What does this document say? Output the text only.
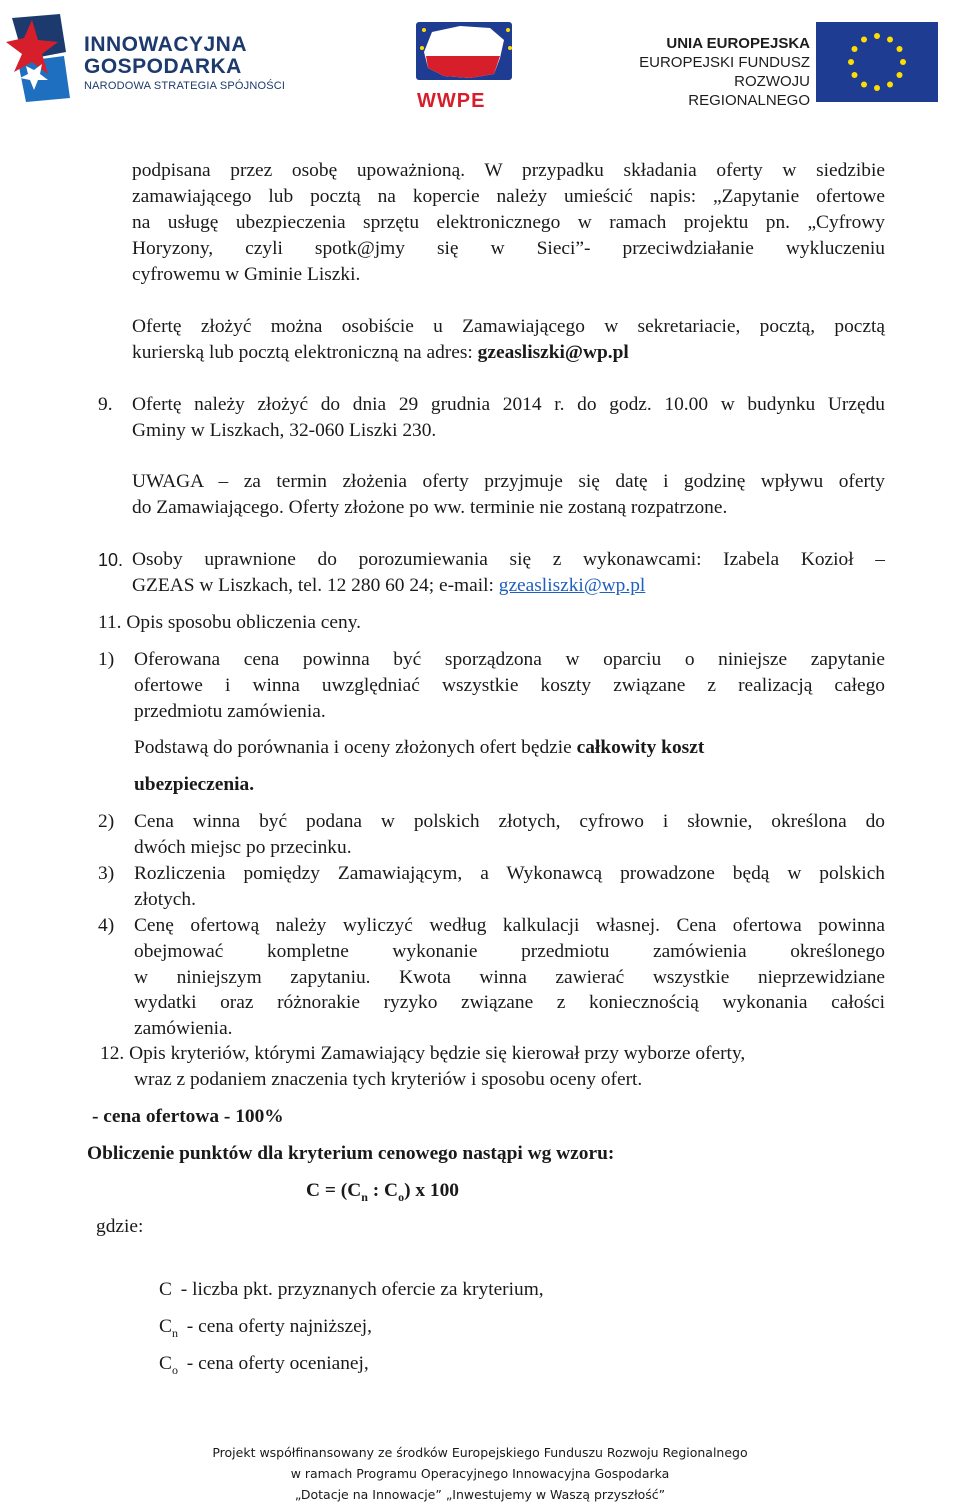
INNOWACYJNA
GOSPODARKA
NARODOWA STRATEGIA SPÓJNOŚCI
WWPE
UNIA EUROPEJSKA
EUROPEJSKI FUNDUSZ
ROZWOJU REGIONALNEGO
podpisana przez osobę upoważnioną. W przypadku składania oferty w siedzibie
zamawiającego lub pocztą na kopercie należy umieścić napis: „Zapytanie ofertowe
na usługę ubezpieczenia sprzętu elektronicznego w ramach projektu pn. „Cyfrowy
Horyzony, czyli spotk@jmy się w Sieci”- przeciwdziałanie wykluczeniu
cyfrowemu w Gminie Liszki.
Ofertę złożyć można osobiście u Zamawiającego w sekretariacie, pocztą, pocztą
kurierską lub pocztą elektroniczną na adres: gzeasliszki@wp.pl
9. Ofertę należy złożyć do dnia 29 grudnia 2014 r. do godz. 10.00 w budynku Urzędu
Gminy w Liszkach, 32-060 Liszki 230.
UWAGA – za termin złożenia oferty przyjmuje się datę i godzinę wpływu oferty
do Zamawiającego. Oferty złożone po ww. terminie nie zostaną rozpatrzone.
10. Osoby uprawnione do porozumiewania się z wykonawcami: Izabela Kozioł –
GZEAS w Liszkach, tel. 12 280 60 24; e-mail: gzeasliszki@wp.pl
11. Opis sposobu obliczenia ceny.
1) Oferowana cena powinna być sporządzona w oparciu o niniejsze zapytanie
ofertowe i winna uwzględniać wszystkie koszty związane z realizacją całego
przedmiotu zamówienia.
Podstawą do porównania i oceny złożonych ofert będzie całkowity koszt
ubezpieczenia.
2) Cena winna być podana w polskich złotych, cyfrowo i słownie, określona do
dwóch miejsc po przecinku.
3) Rozliczenia pomiędzy Zamawiającym, a Wykonawcą prowadzone będą w polskich
złotych.
4) Cenę ofertową należy wyliczyć według kalkulacji własnej. Cena ofertowa powinna
obejmować kompletne wykonanie przedmiotu zamówienia określonego
w niniejszym zapytaniu. Kwota winna zawierać wszystkie nieprzewidziane
wydatki oraz różnorakie ryzyko związane z koniecznością wykonania całości
zamówienia.
12. Opis kryteriów, którymi Zamawiający będzie się kierował przy wyborze oferty,
wraz z podaniem znaczenia tych kryteriów i sposobu oceny ofert.
- cena ofertowa - 100%
Obliczenie punktów dla kryterium cenowego nastąpi wg wzoru:
$C = (C_n$ : $C_o$) x 100
gdzie:
C - liczba pkt. przyznanych ofercie za kryterium,
$C_n$ - cena oferty najniższej,
$C_o$ - cena oferty ocenianej,
Projekt współfinansowany ze środków Europejskiego Funduszu Rozwoju Regionalnego
w ramach Programu Operacyjnego Innowacyjna Gospodarka
„Dotacje na Innowacje” „Inwestujemy w Waszą przyszłość”
